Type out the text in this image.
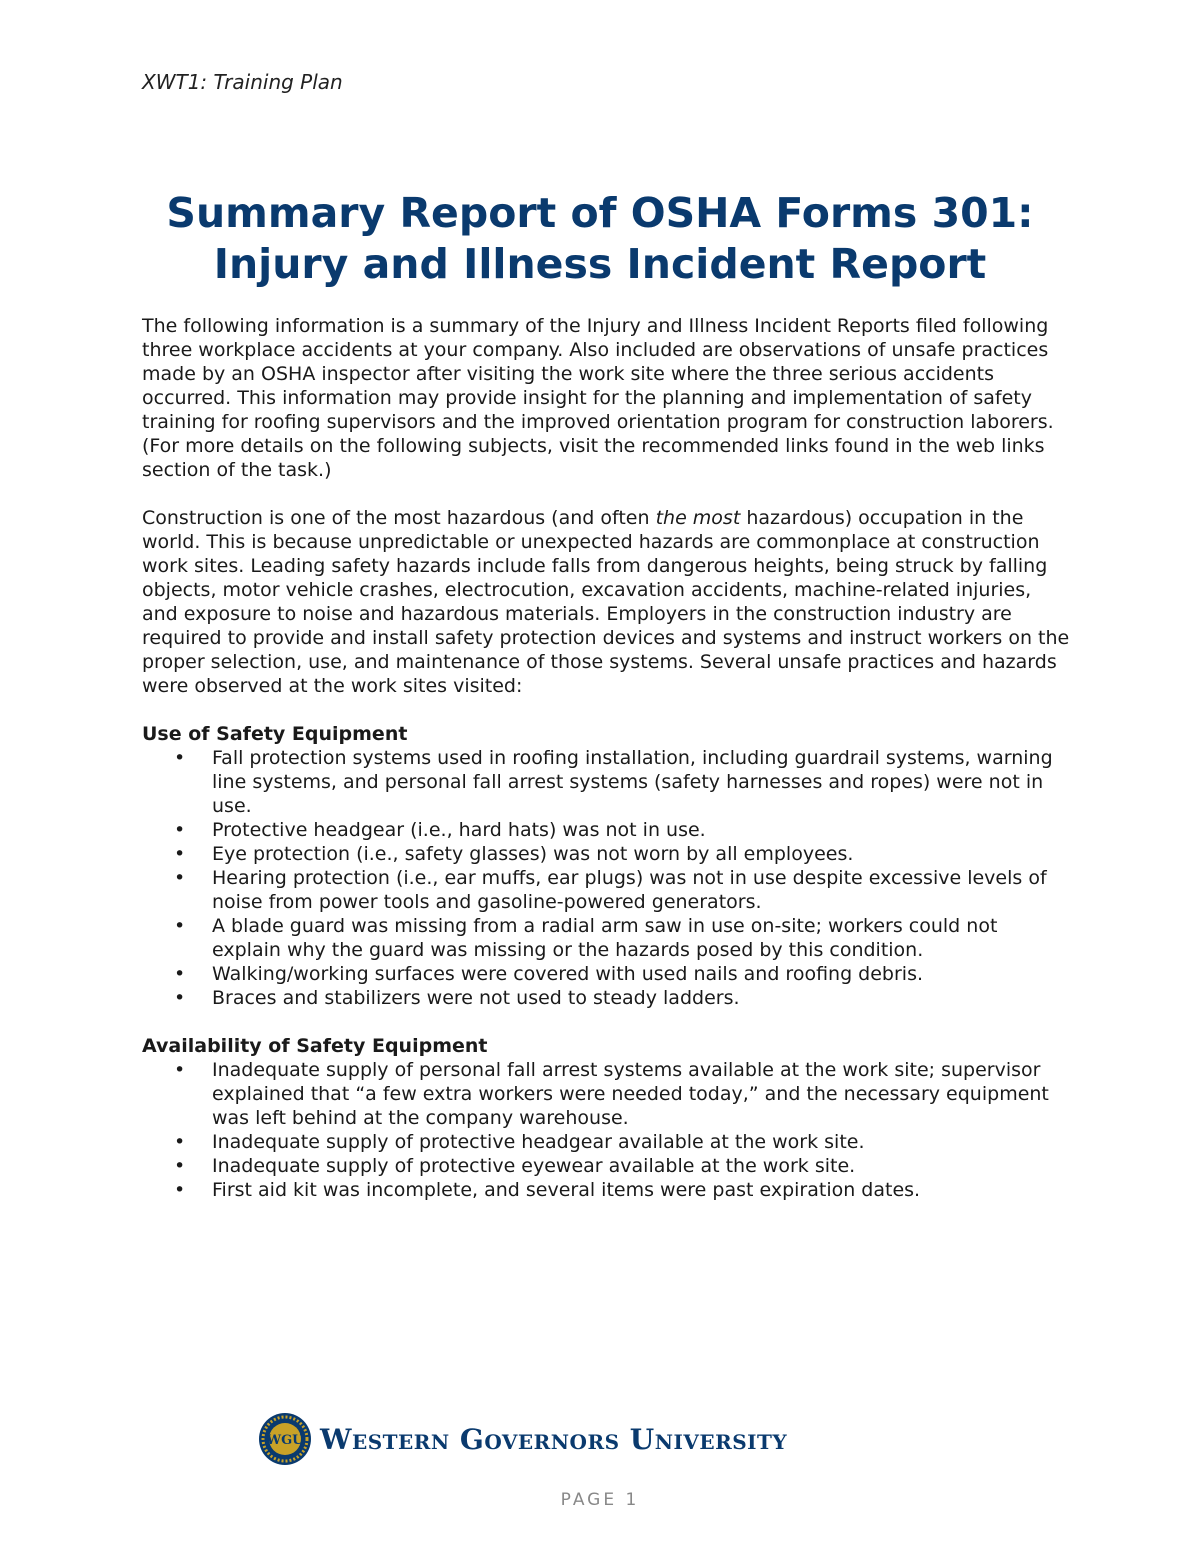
XWT1: Training Plan
Summary Report of OSHA Forms 301:
Injury and Illness Incident Report

The following information is a summary of the Injury and Illness Incident Reports filed following three workplace accidents at your company. Also included are observations of unsafe practices made by an OSHA inspector after visiting the work site where the three serious accidents occurred. This information may provide insight for the planning and implementation of safety training for roofing supervisors and the improved orientation program for construction laborers. (For more details on the following subjects, visit the recommended links found in the web links section of the task.)

Construction is one of the most hazardous (and often the most hazardous) occupation in the world. This is because unpredictable or unexpected hazards are commonplace at construction work sites. Leading safety hazards include falls from dangerous heights, being struck by falling objects, motor vehicle crashes, electrocution, excavation accidents, machine-related injuries, and exposure to noise and hazardous materials. Employers in the construction industry are required to provide and install safety protection devices and systems and instruct workers on the proper selection, use, and maintenance of those systems. Several unsafe practices and hazards were observed at the work sites visited:

Use of Safety Equipment
• Fall protection systems used in roofing installation, including guardrail systems, warning line systems, and personal fall arrest systems (safety harnesses and ropes) were not in use.
• Protective headgear (i.e., hard hats) was not in use.
• Eye protection (i.e., safety glasses) was not worn by all employees.
• Hearing protection (i.e., ear muffs, ear plugs) was not in use despite excessive levels of noise from power tools and gasoline-powered generators.
• A blade guard was missing from a radial arm saw in use on-site; workers could not explain why the guard was missing or the hazards posed by this condition.
• Walking/working surfaces were covered with used nails and roofing debris.
• Braces and stabilizers were not used to steady ladders.
Availability of Safety Equipment
• Inadequate supply of personal fall arrest systems available at the work site; supervisor explained that “a few extra workers were needed today,” and the necessary equipment was left behind at the company warehouse.
• Inadequate supply of protective headgear available at the work site.
• Inadequate supply of protective eyewear available at the work site.
• First aid kit was incomplete, and several items were past expiration dates.
WGU Western Governors University
PAGE 1
